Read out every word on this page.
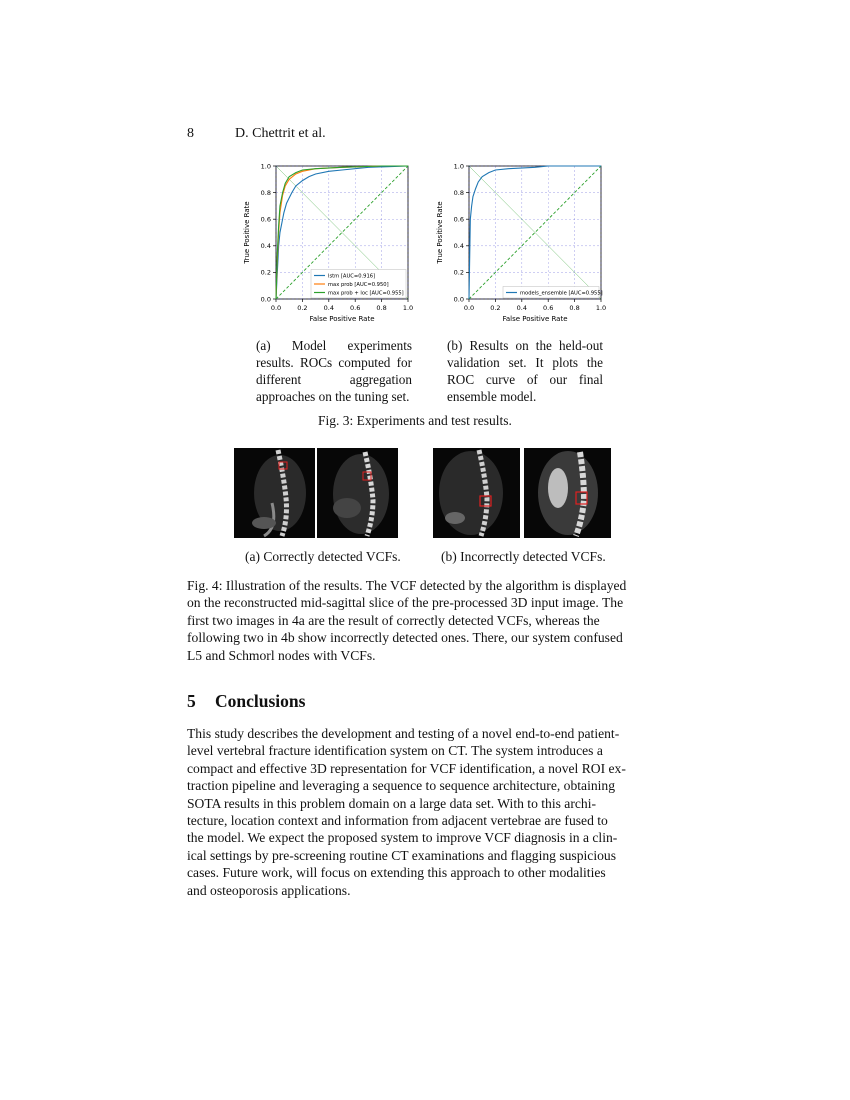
8	D. Chettrit et al.
0.0 0.2 0.4 0.6 0.8 1.0
0.0
0.2
0.4
0.6
0.8
1.0
False Positive Rate
True Positive Rate
lstm [AUC=0.916]
max prob [AUC=0.950]
max prob + loc [AUC=0.955]
0.0 0.2 0.4 0.6 0.8 1.0
0.0
0.2
0.4
0.6
0.8
1.0
False Positive Rate
True Positive Rate
models_ensemble [AUC=0.955]
(a) Model experiments results. ROCs computed for different aggregation approaches on the tuning set.
(b) Results on the held-out validation set. It plots the ROC curve of our final ensemble model.
Fig. 3: Experiments and test results.
(a) Correctly detected VCFs.	(b) Incorrectly detected VCFs.
Fig. 4: Illustration of the results. The VCF detected by the algorithm is displayed
on the reconstructed mid-sagittal slice of the pre-processed 3D input image. The
first two images in 4a are the result of correctly detected VCFs, whereas the
following two in 4b show incorrectly detected ones. There, our system confused
L5 and Schmorl nodes with VCFs.
5 Conclusions
This study describes the development and testing of a novel end-to-end patient-
level vertebral fracture identification system on CT. The system introduces a
compact and effective 3D representation for VCF identification, a novel ROI ex-
traction pipeline and leveraging a sequence to sequence architecture, obtaining
SOTA results in this problem domain on a large data set. With to this archi-
tecture, location context and information from adjacent vertebrae are fused to
the model. We expect the proposed system to improve VCF diagnosis in a clin-
ical settings by pre-screening routine CT examinations and flagging suspicious
cases. Future work, will focus on extending this approach to other modalities
and osteoporosis applications.
